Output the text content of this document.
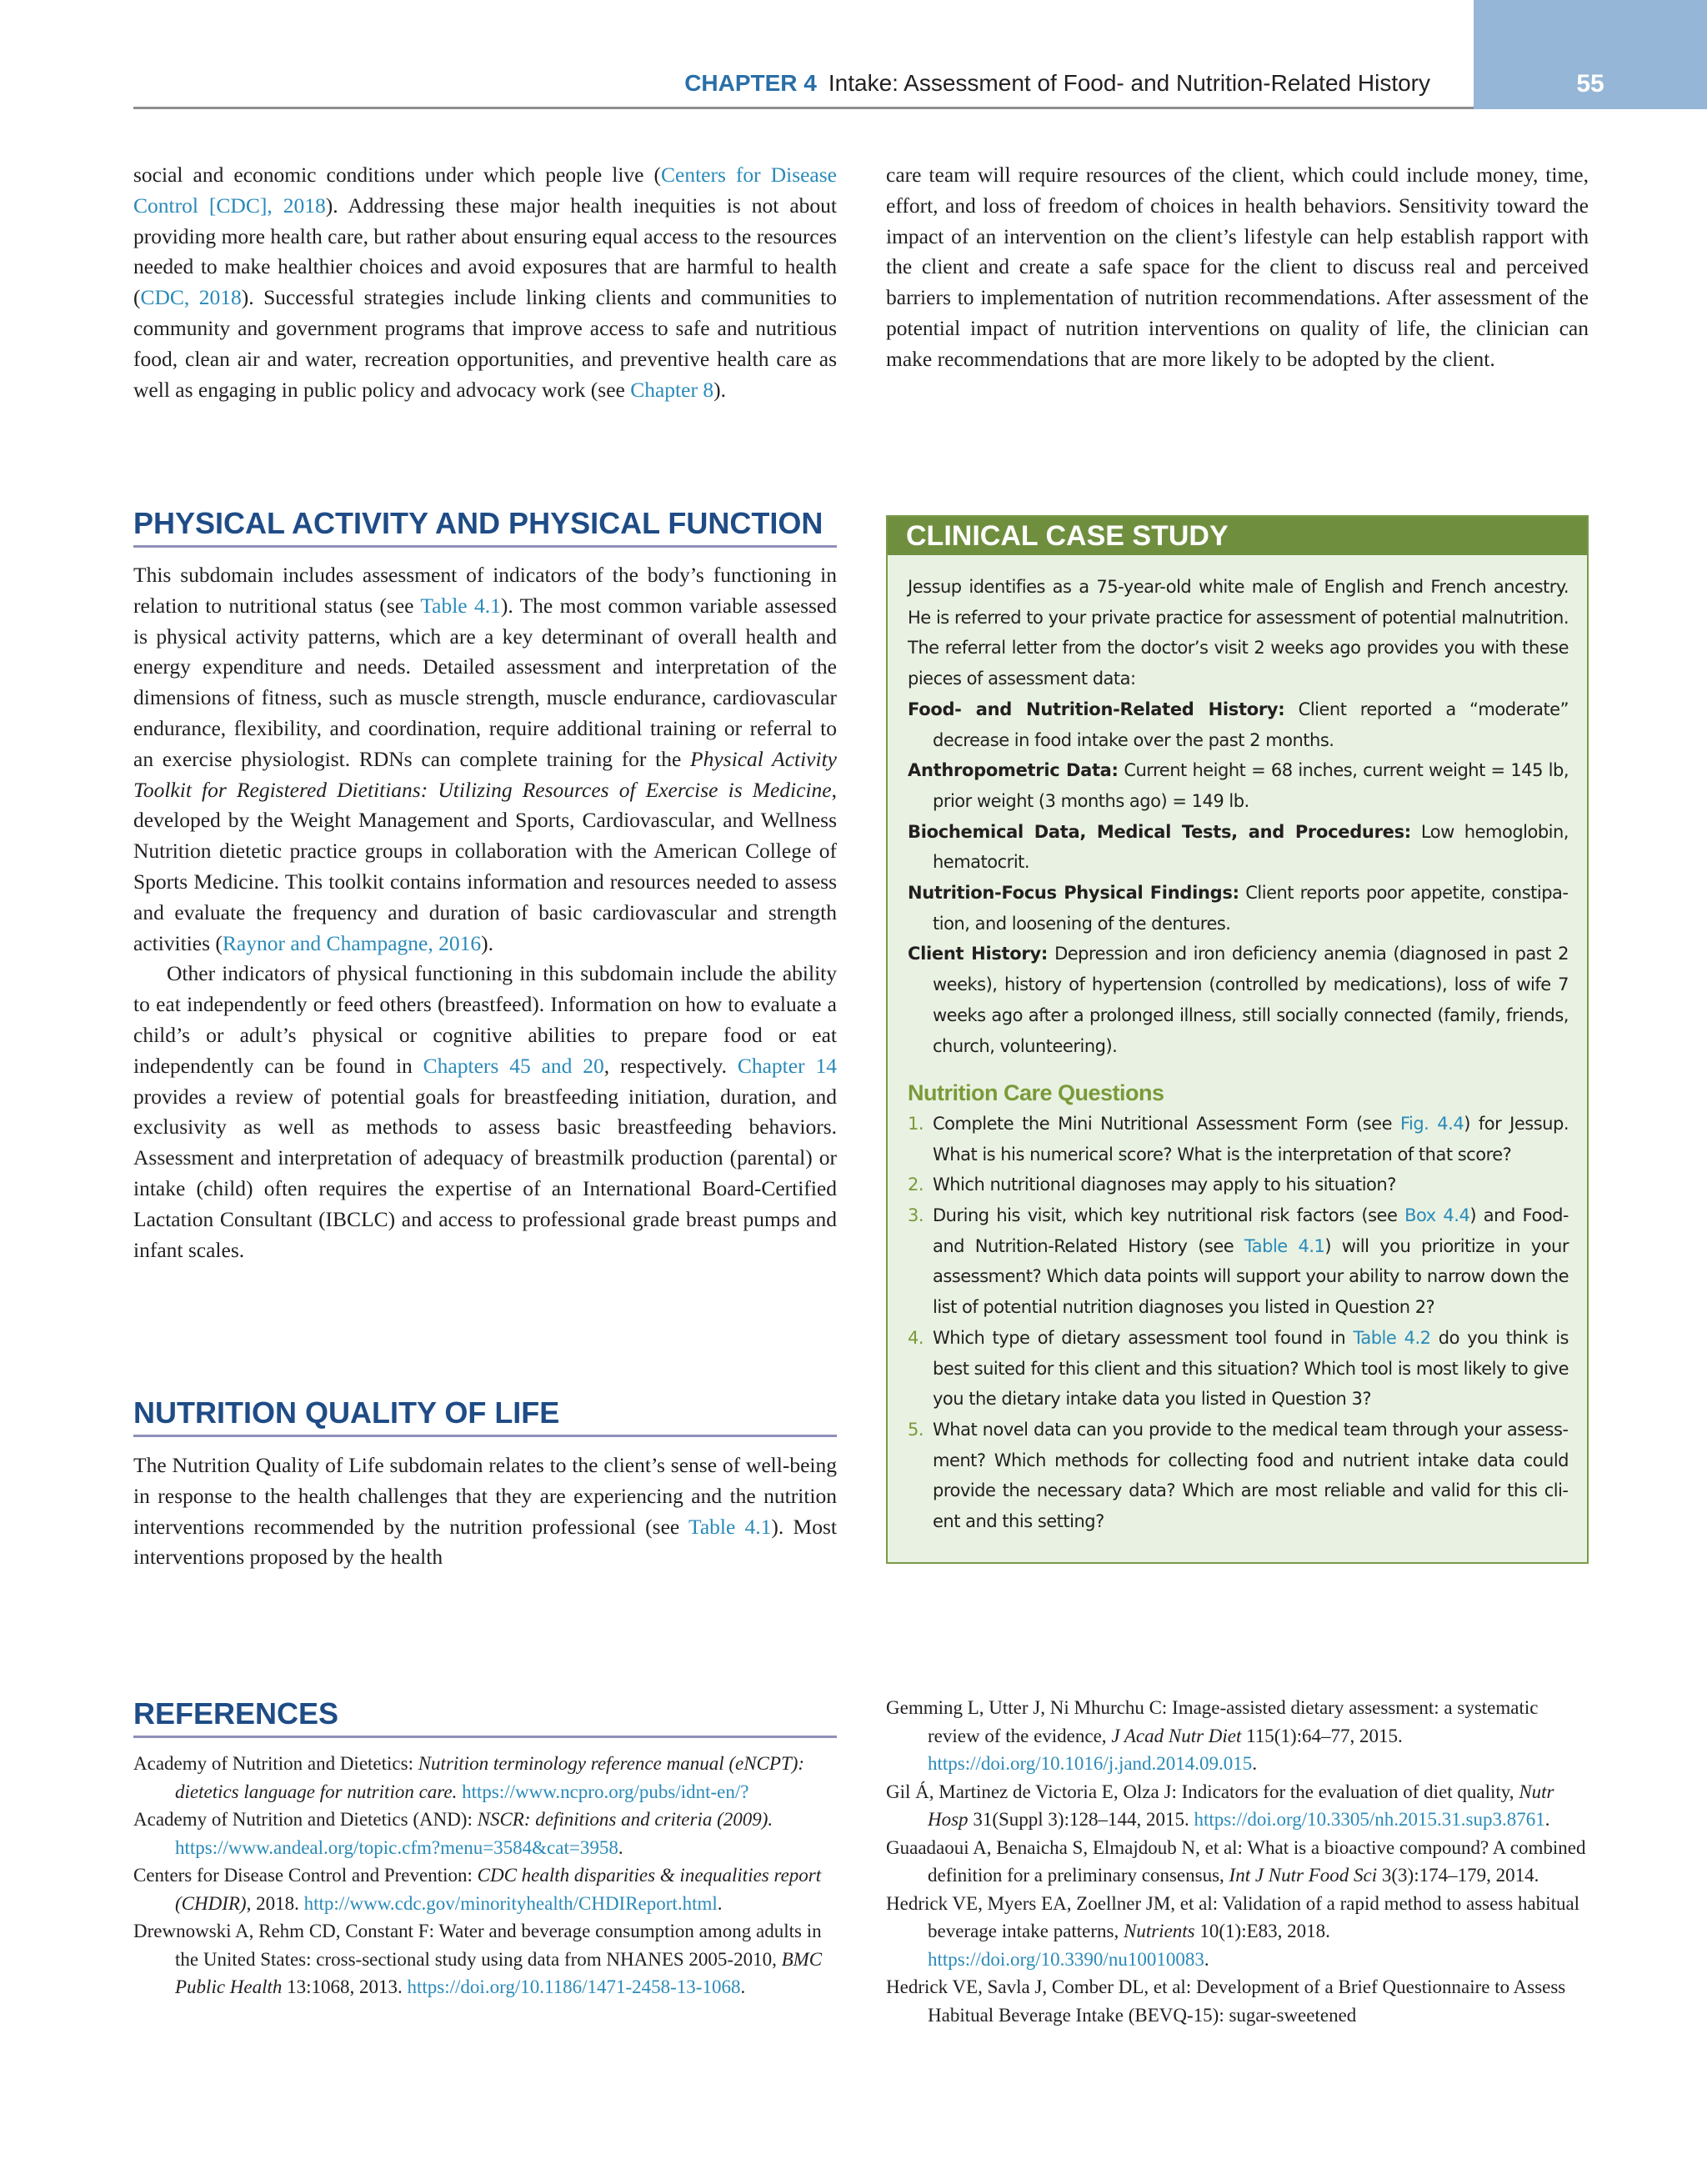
CHAPTER 4 Intake: Assessment of Food- and Nutrition-Related History	55

social and economic conditions under which people live (Centers for Disease Control [CDC], 2018). Addressing these major health inequities is not about providing more health care, but rather about ensuring equal access to the resources needed to make healthier choices and avoid exposures that are harmful to health (CDC, 2018). Successful strategies include linking clients and communities to community and government programs that improve access to safe and nutritious food, clean air and water, recreation opportunities, and preventive health care as well as engaging in public policy and advocacy work (see Chapter 8).

PHYSICAL ACTIVITY AND PHYSICAL FUNCTION

This subdomain includes assessment of indicators of the body’s functioning in relation to nutritional status (see Table 4.1). The most common variable assessed is physical activity patterns, which are a key determinant of overall health and energy expenditure and needs. Detailed assessment and interpretation of the dimensions of fitness, such as muscle strength, muscle endurance, cardiovascular endurance, flexibility, and coordination, require additional training or referral to an exercise physiologist. RDNs can complete training for the Physical Activity Toolkit for Registered Dietitians: Utilizing Resources of Exercise is Medicine, developed by the Weight Management and Sports, Cardiovascular, and Wellness Nutrition dietetic practice groups in collaboration with the American College of Sports Medicine. This toolkit contains information and resources needed to assess and evaluate the frequency and duration of basic cardiovascular and strength activities (Raynor and Champagne, 2016).

Other indicators of physical functioning in this subdomain include the ability to eat independently or feed others (breastfeed). Information on how to evaluate a child’s or adult’s physical or cognitive abilities to prepare food or eat independently can be found in Chapters 45 and 20, respectively. Chapter 14 provides a review of potential goals for breastfeeding initiation, duration, and exclusivity as well as methods to assess basic breastfeeding behaviors. Assessment and interpretation of adequacy of breastmilk production (parental) or intake (child) often requires the expertise of an International Board-Certified Lactation Consultant (IBCLC) and access to professional grade breast pumps and infant scales.

NUTRITION QUALITY OF LIFE

The Nutrition Quality of Life subdomain relates to the client’s sense of well-being in response to the health challenges that they are experiencing and the nutrition interventions recommended by the nutrition professional (see Table 4.1). Most interventions proposed by the health

care team will require resources of the client, which could include money, time, effort, and loss of freedom of choices in health behaviors. Sensitivity toward the impact of an intervention on the client’s lifestyle can help establish rapport with the client and create a safe space for the client to discuss real and perceived barriers to implementation of nutrition recommendations. After assessment of the potential impact of nutrition interventions on quality of life, the clinician can make recommendations that are more likely to be adopted by the client.

CLINICAL CASE STUDY

Jessup identifies as a 75-year-old white male of English and French ancestry. He is referred to your private practice for assessment of potential malnutrition. The referral letter from the doctor’s visit 2 weeks ago provides you with these pieces of assessment data:

Food- and Nutrition-Related History: Client reported a “moderate” decrease in food intake over the past 2 months.

Anthropometric Data: Current height = 68 inches, current weight = 145 lb, prior weight (3 months ago) = 149 lb.

Biochemical Data, Medical Tests, and Procedures: Low hemoglobin, hematocrit.

Nutrition-Focus Physical Findings: Client reports poor appetite, constipation, and loosening of the dentures.

Client History: Depression and iron deficiency anemia (diagnosed in past 2 weeks), history of hypertension (controlled by medications), loss of wife 7 weeks ago after a prolonged illness, still socially connected (family, friends, church, volunteering).

Nutrition Care Questions

1. Complete the Mini Nutritional Assessment Form (see Fig. 4.4) for Jessup. What is his numerical score? What is the interpretation of that score?

2. Which nutritional diagnoses may apply to his situation?

3. During his visit, which key nutritional risk factors (see Box 4.4) and Food- and Nutrition-Related History (see Table 4.1) will you prioritize in your assessment? Which data points will support your ability to narrow down the list of potential nutrition diagnoses you listed in Question 2?

4. Which type of dietary assessment tool found in Table 4.2 do you think is best suited for this client and this situation? Which tool is most likely to give you the dietary intake data you listed in Question 3?

5. What novel data can you provide to the medical team through your assessment? Which methods for collecting food and nutrient intake data could provide the necessary data? Which are most reliable and valid for this client and this setting?

REFERENCES

Academy of Nutrition and Dietetics: Nutrition terminology reference manual (eNCPT): dietetics language for nutrition care. https://www.ncpro.org/pubs/idnt-en/?

Academy of Nutrition and Dietetics (AND): NSCR: definitions and criteria (2009). https://www.andeal.org/topic.cfm?menu=3584&cat=3958.

Centers for Disease Control and Prevention: CDC health disparities & inequalities report (CHDIR), 2018. http://www.cdc.gov/minorityhealth/CHDIReport.html.

Drewnowski A, Rehm CD, Constant F: Water and beverage consumption among adults in the United States: cross-sectional study using data from NHANES 2005-2010, BMC Public Health 13:1068, 2013. https://doi.org/10.1186/1471-2458-13-1068.

Gemming L, Utter J, Ni Mhurchu C: Image-assisted dietary assessment: a systematic review of the evidence, J Acad Nutr Diet 115(1):64–77, 2015. https://doi.org/10.1016/j.jand.2014.09.015.

Gil Á, Martinez de Victoria E, Olza J: Indicators for the evaluation of diet quality, Nutr Hosp 31(Suppl 3):128–144, 2015. https://doi.org/10.3305/nh.2015.31.sup3.8761.

Guaadaoui A, Benaicha S, Elmajdoub N, et al: What is a bioactive compound? A combined definition for a preliminary consensus, Int J Nutr Food Sci 3(3):174–179, 2014.

Hedrick VE, Myers EA, Zoellner JM, et al: Validation of a rapid method to assess habitual beverage intake patterns, Nutrients 10(1):E83, 2018. https://doi.org/10.3390/nu10010083.

Hedrick VE, Savla J, Comber DL, et al: Development of a Brief Questionnaire to Assess Habitual Beverage Intake (BEVQ-15): sugar-sweetened
